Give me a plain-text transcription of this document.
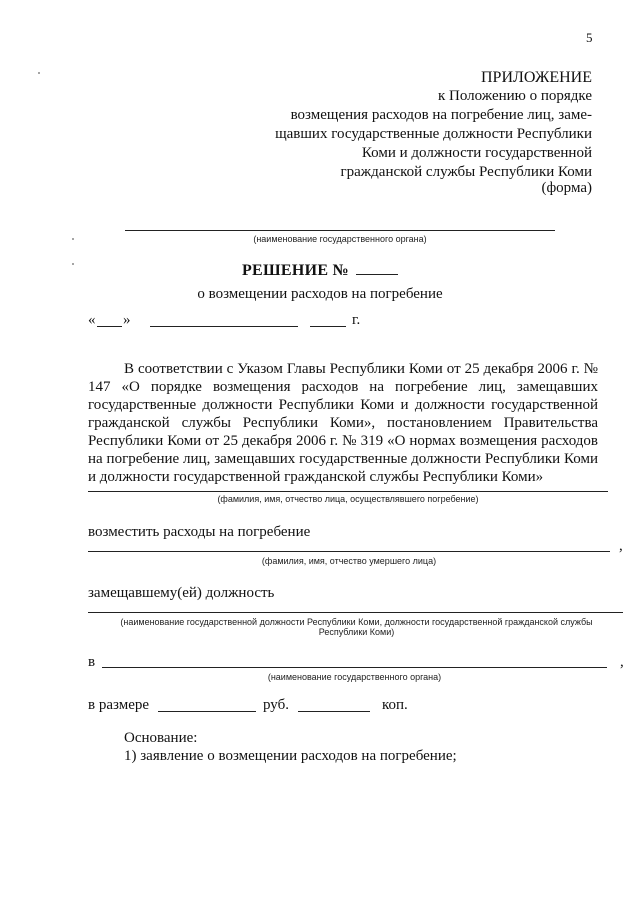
5
ПРИЛОЖЕНИЕ
к Положению о порядке
возмещения расходов на погребение лиц, заме-
щавших государственные должности Республики
Коми и должности государственной
гражданской службы Республики Коми
(форма)
(наименование государственного органа)
РЕШЕНИЕ №
о возмещении расходов на погребение
« »	г.

В соответствии с Указом Главы Республики Коми от 25 декабря 2006 г. № 147 «О порядке возмещения расходов на погребение лиц, замещавших государственные должности Республики Коми и должности государственной гражданской службы Республики Коми», постановлением Правительства Республики Коми от 25 декабря 2006 г. № 319 «О нормах возмещения расходов на погребение лиц, замещавших государственные должности Республики Коми и должности государственной гражданской службы Республики Коми»

(фамилия, имя, отчество лица, осуществлявшего погребение)
возместить расходы на погребение
,
(фамилия, имя, отчество умершего лица)
замещавшему(ей) должность
(наименование государственной должности Республики Коми, должности государственной гражданской службы
Республики Коми)
в	,
(наименование государственного органа)
в размере	руб.	коп.
Основание:
1) заявление о возмещении расходов на погребение;
